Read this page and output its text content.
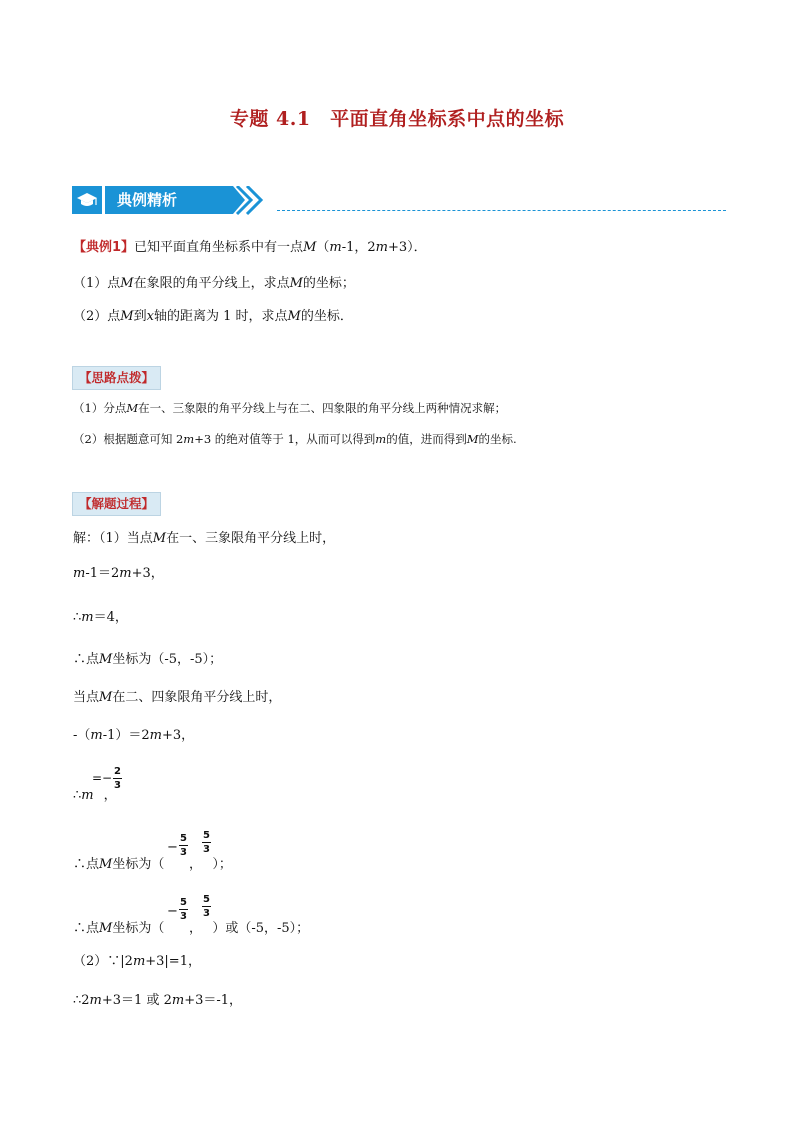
专题 4.1　平面直角坐标系中点的坐标
典例精析
【典例1】已知平面直角坐标系中有一点M（m-1，2m+3）．
（1）点M在象限的角平分线上，求点M的坐标；
（2）点M到x轴的距离为 1 时，求点M的坐标．
【思路点拨】
（1）分点M在一、三象限的角平分线上与在二、四象限的角平分线上两种情况求解；
（2）根据题意可知 2m+3 的绝对值等于 1，从而可以得到m的值，进而得到M的坐标.
【解题过程】
解：（1）当点M在一、三象限角平分线上时，
m-1＝2m+3，
∴m＝4，
∴点M坐标为（-5，-5）；
当点M在二、四象限角平分线上时，
-（m-1）＝2m+3，
∴m ，
=− 2
3
∴点M坐标为（	）；
−
5
3
，
5
3
∴点M坐标为（	）或（-5，-5）；
−
5
3
，
5
3
（2）∵|2m+3|=1，
∴2m+3＝1 或 2m+3＝-1，
